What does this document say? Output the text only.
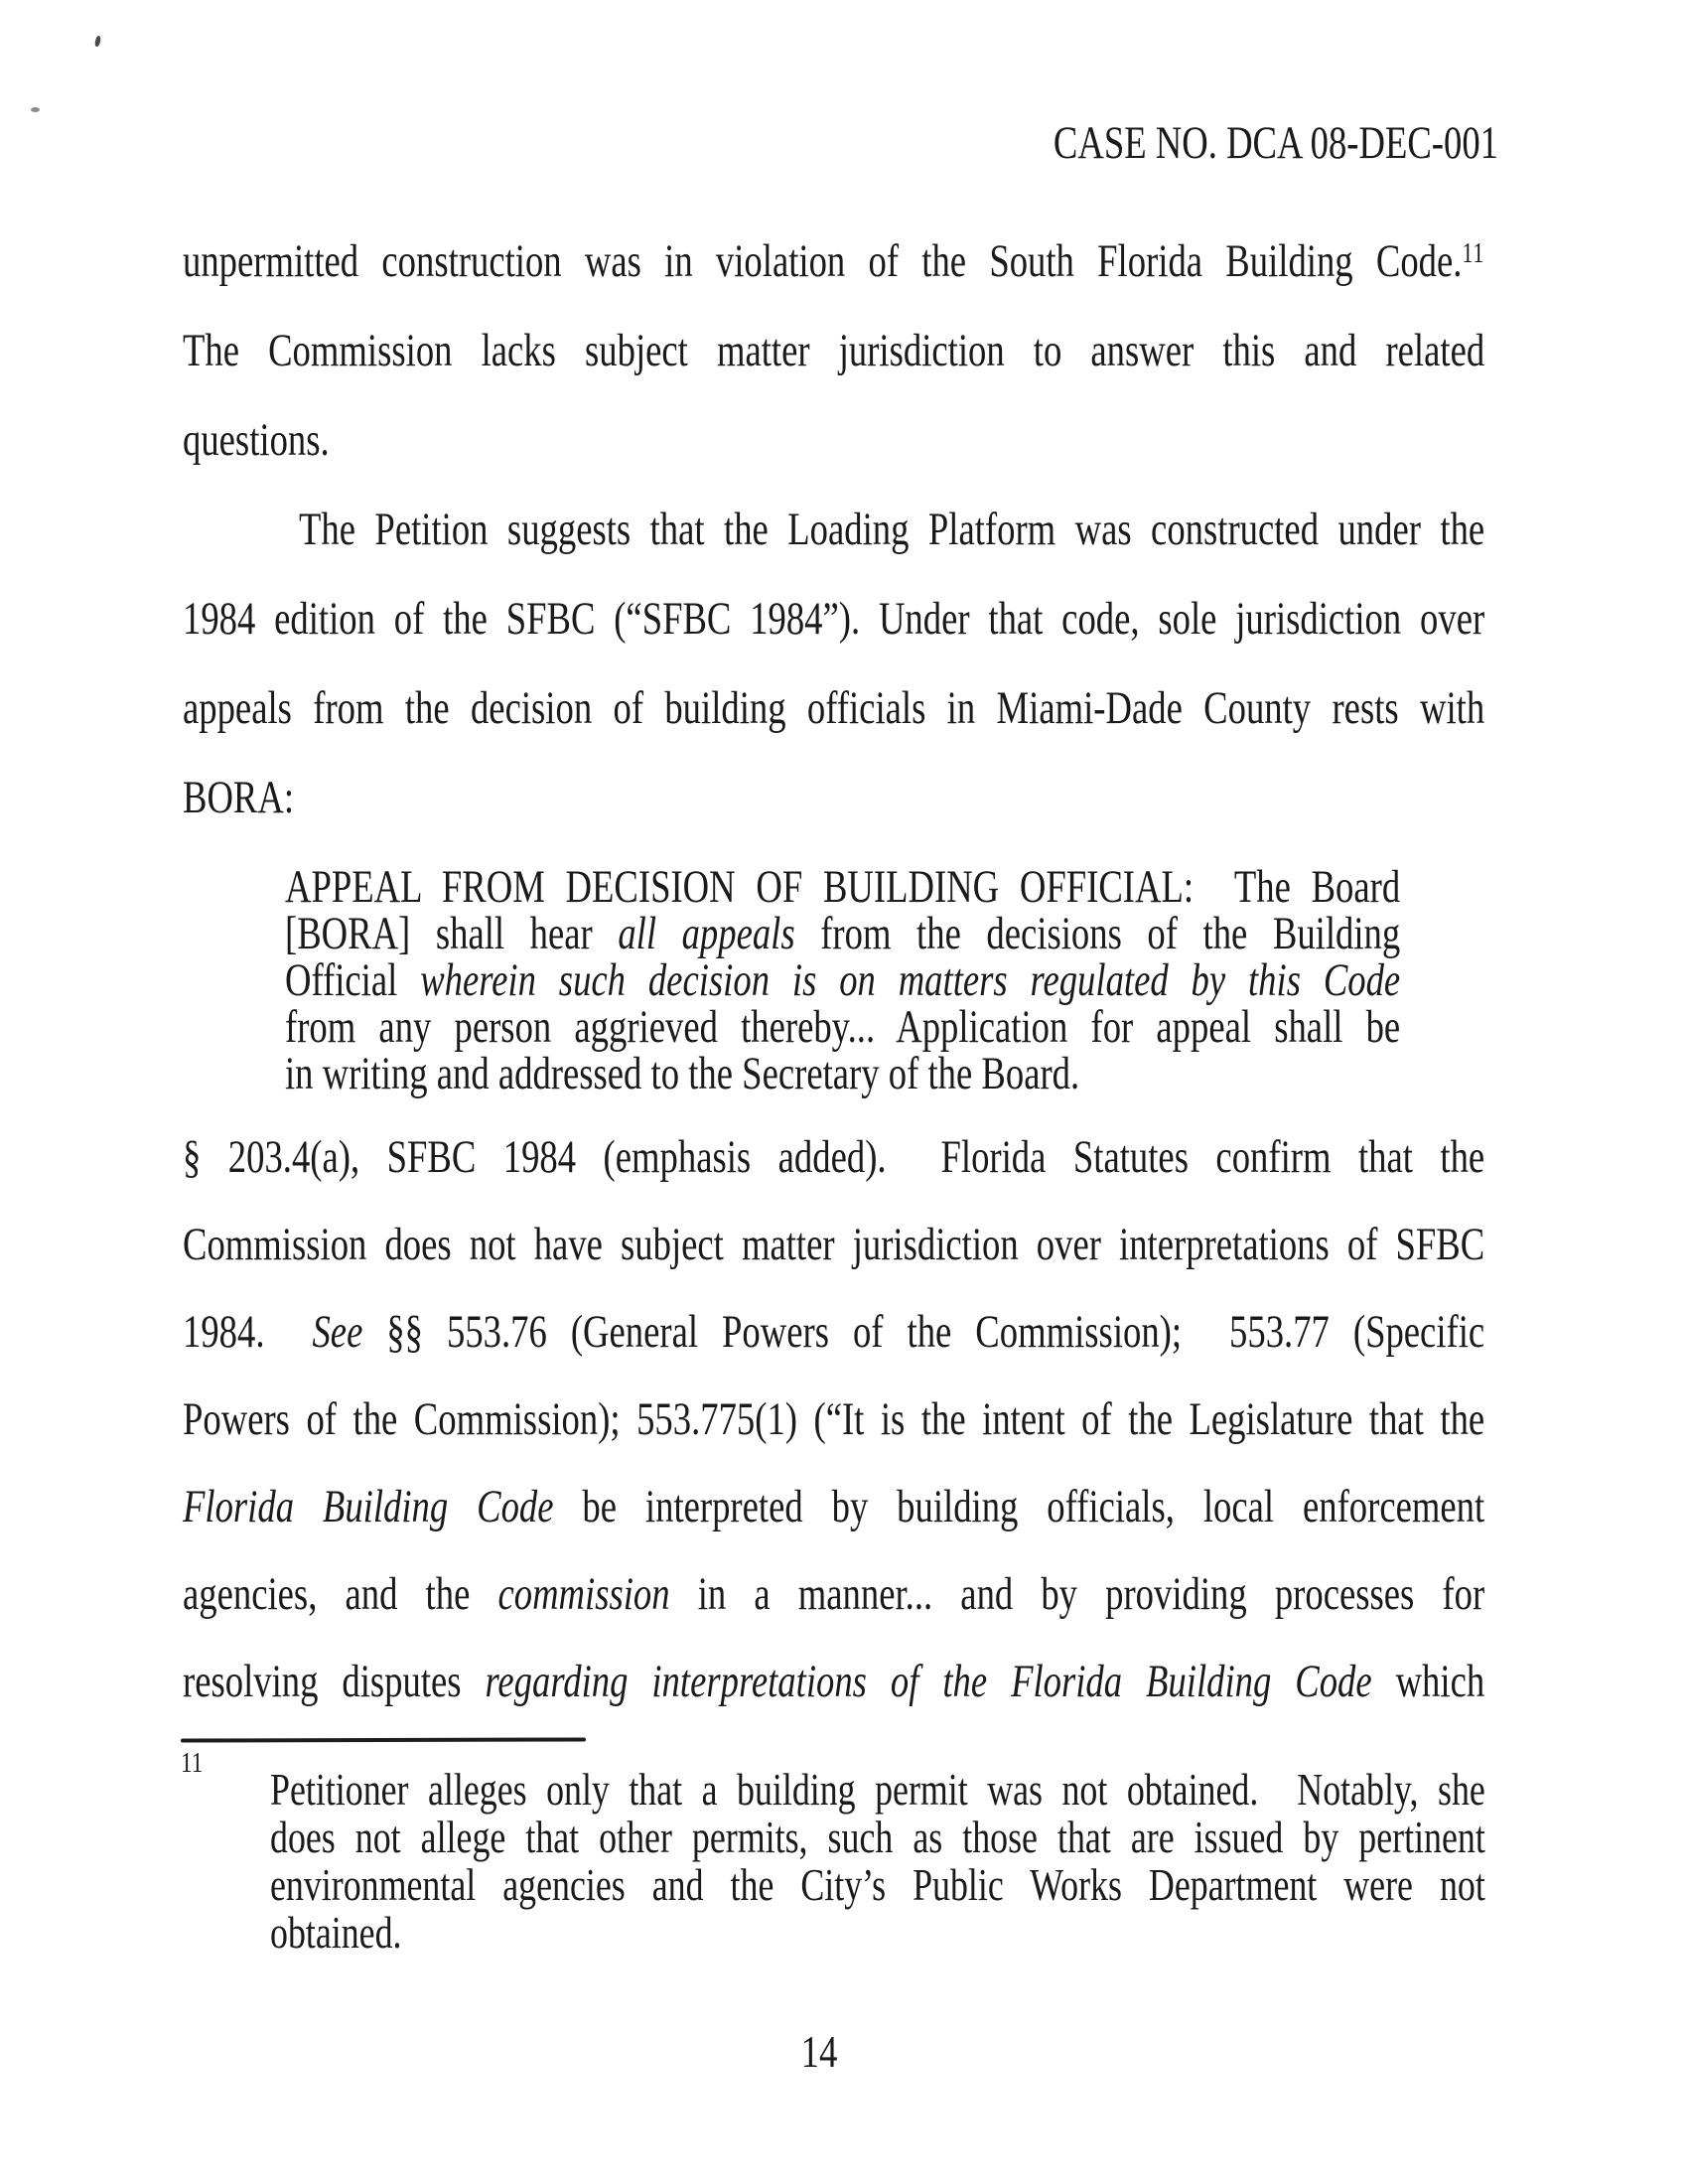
CASE NO. DCA 08-DEC-001
unpermitted construction was in violation of the South Florida Building Code.$^{11}$
The Commission lacks subject matter jurisdiction to answer this and related
questions.
The Petition suggests that the Loading Platform was constructed under the
1984 edition of the SFBC (“SFBC 1984”). Under that code, sole jurisdiction over
appeals from the decision of building officials in Miami-Dade County rests with
BORA:
APPEAL FROM DECISION OF BUILDING OFFICIAL:  The Board
[BORA] shall hear all appeals from the decisions of the Building
Official wherein such decision is on matters regulated by this Code
from any person aggrieved thereby... Application for appeal shall be
in writing and addressed to the Secretary of the Board.
§ 203.4(a), SFBC 1984 (emphasis added).  Florida Statutes confirm that the
Commission does not have subject matter jurisdiction over interpretations of SFBC
1984.  See §§ 553.76 (General Powers of the Commission);  553.77 (Specific
Powers of the Commission); 553.775(1) (“It is the intent of the Legislature that the
Florida Building Code be interpreted by building officials, local enforcement
agencies, and the commission in a manner... and by providing processes for
resolving disputes regarding interpretations of the Florida Building Code which
11
Petitioner alleges only that a building permit was not obtained.  Notably, she
does not allege that other permits, such as those that are issued by pertinent
environmental agencies and the City’s Public Works Department were not
obtained.
14
